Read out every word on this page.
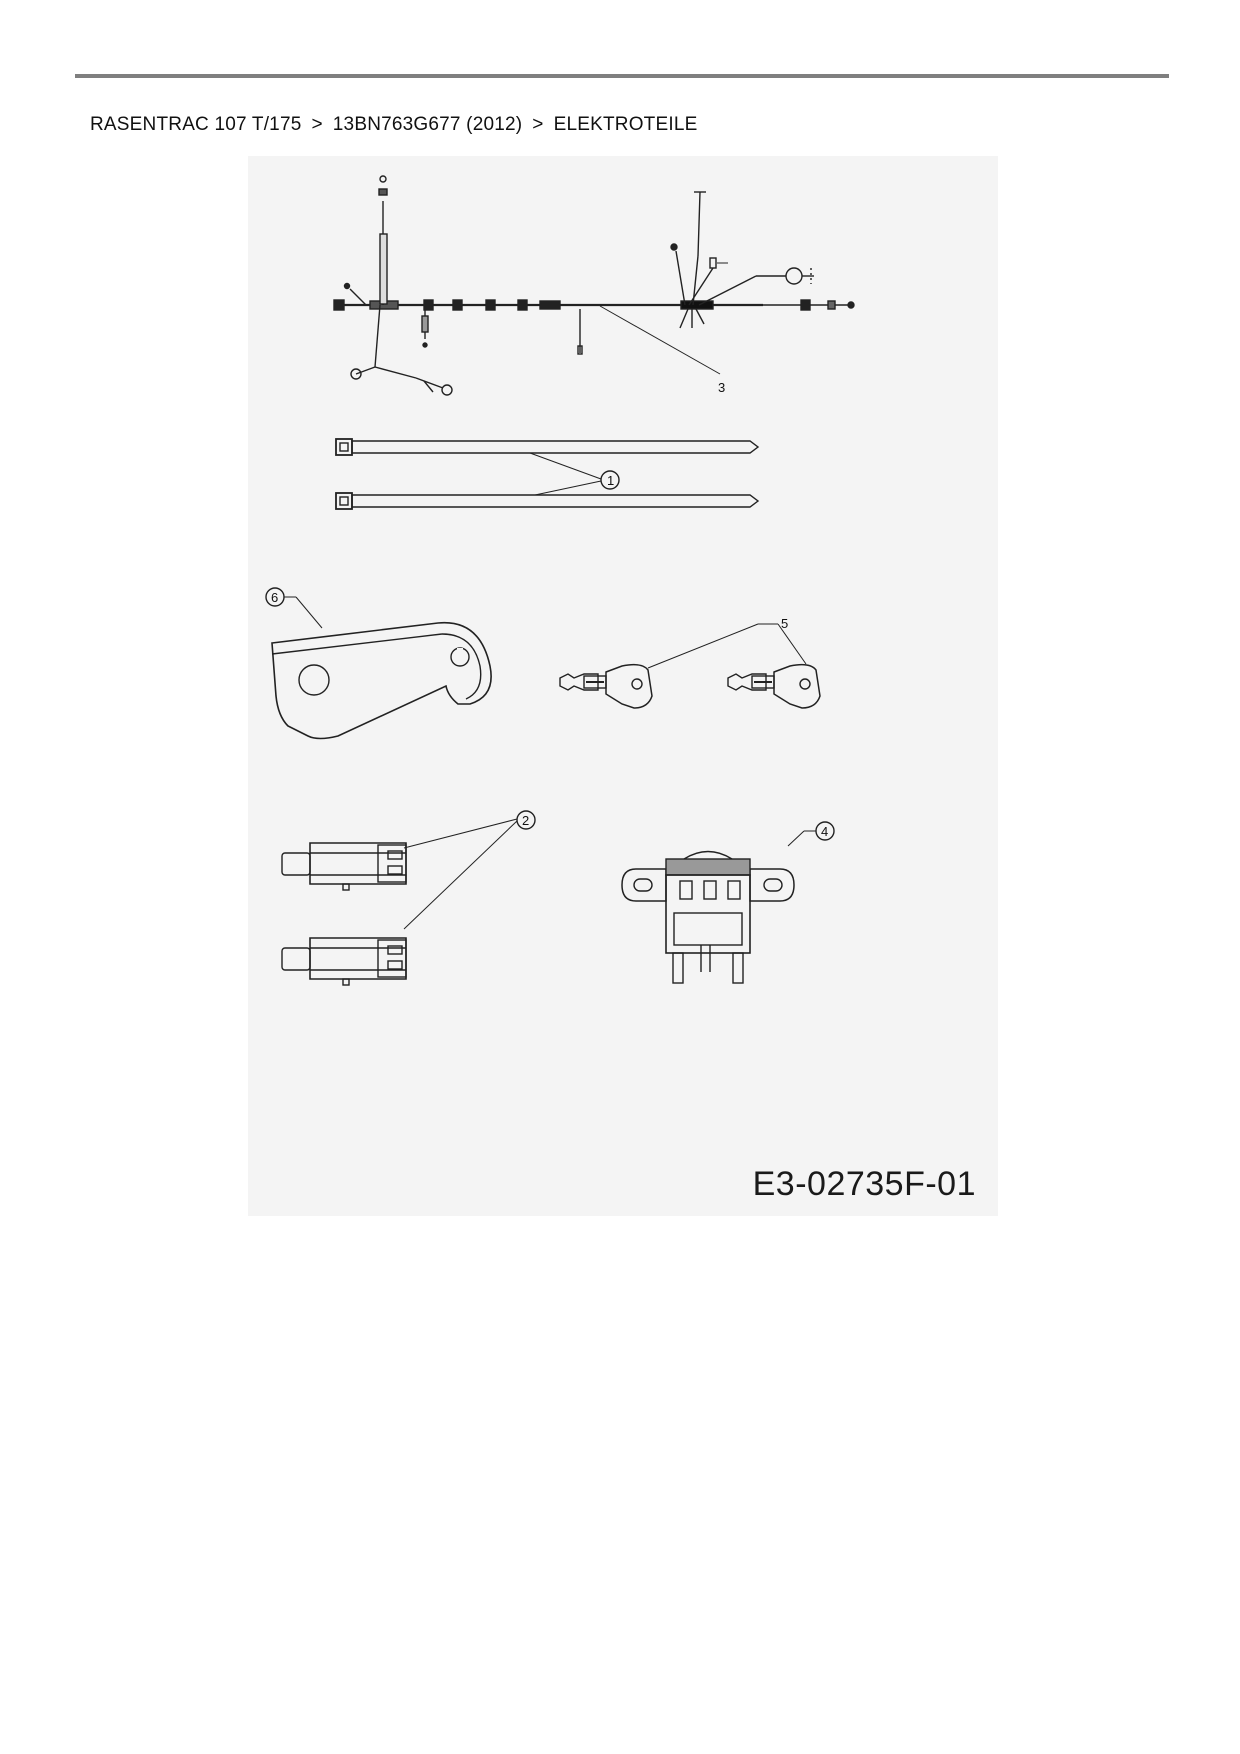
RASENTRAC 107 T/175 > 13BN763G677 (2012) > ELEKTROTEILE
3
1
6
5
2
4
E3-02735F-01
